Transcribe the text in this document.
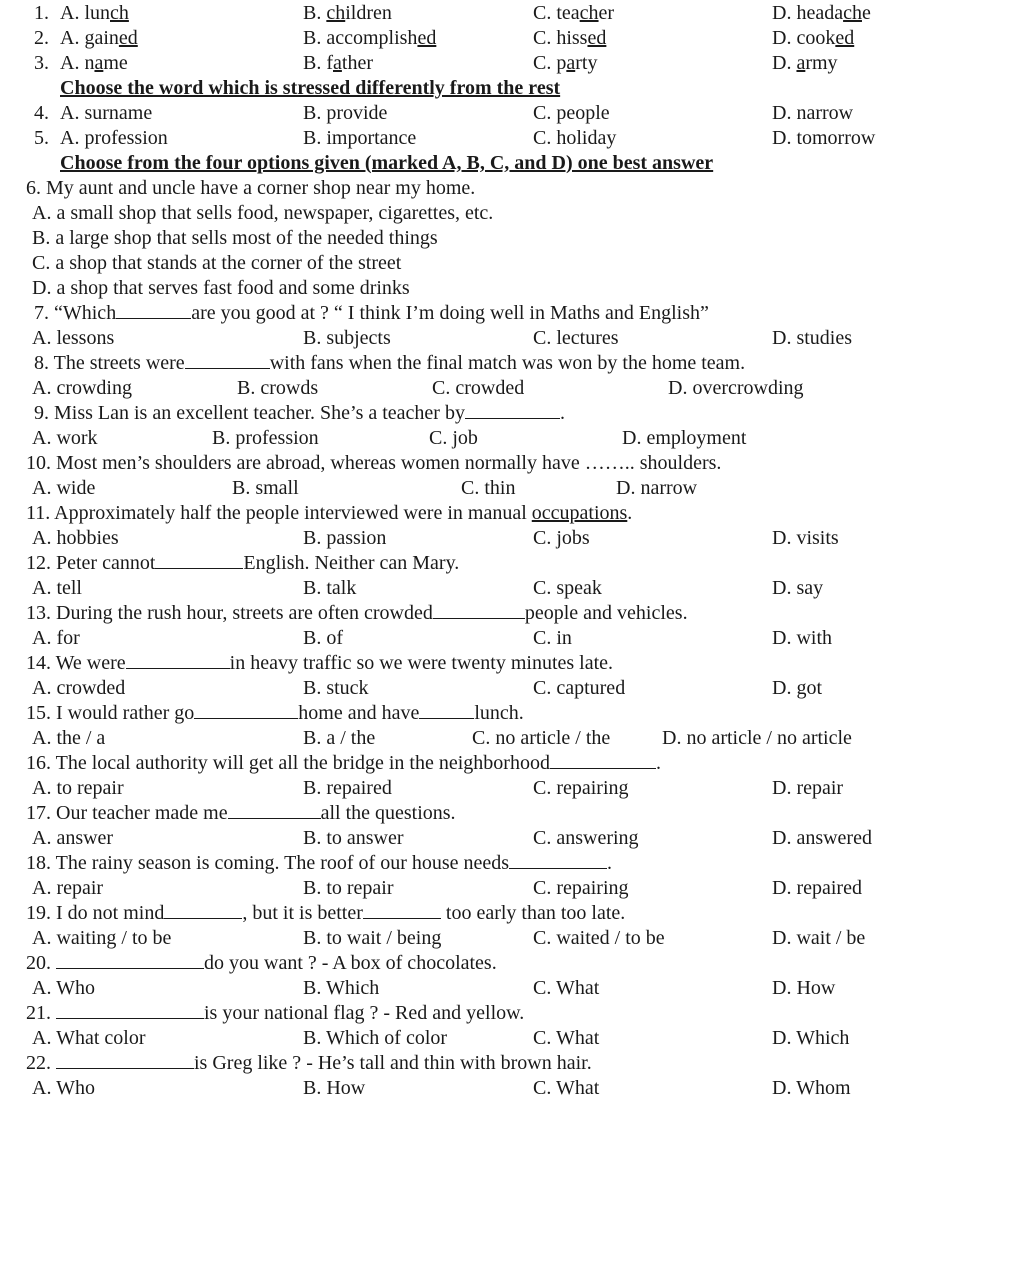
1. A. lunch	B. children	C. teacher	D. headache
2. A. gained	B. accomplished	C. hissed	D. cooked
3. A. name	B. father	C. party	D. army
Choose the word which is stressed differently from the rest
4. A. surname	B. provide	C. people	D. narrow
5. A. profession	B. importance	C. holiday	D. tomorrow
Choose from the four options given (marked A, B, C, and D) one best answer
6. My aunt and uncle have a corner shop near my home.
A. a small shop that sells food, newspaper, cigarettes, etc.
B. a large shop that sells most of the needed things
C. a shop that stands at the corner of the street
D. a shop that serves fast food and some drinks
7. “Which	are you good at ? “ I think I’m doing well in Maths and English”
A. lessons	B. subjects	C. lectures	D. studies
8. The streets were	with fans when the final match was won by the home team.
A. crowding	B. crowds	C. crowded	D. overcrowding
9. Miss Lan is an excellent teacher. She’s a teacher by	.
A. work	B. profession	C. job	D. employment
10. Most men’s shoulders are abroad, whereas women normally have …….. shoulders.
A. wide	B. small	C. thin	D. narrow
11. Approximately half the people interviewed were in manual occupations.
A. hobbies	B. passion	C. jobs	D. visits
12. Peter cannot	English. Neither can Mary.
A. tell	B. talk	C. speak	D. say
13. During the rush hour, streets are often crowded	people and vehicles.
A. for	B. of	C. in	D. with
14. We were	in heavy traffic so we were twenty minutes late.
A. crowded	B. stuck	C. captured	D. got
15. I would rather go	home and have	lunch.
A. the / a	B. a / the	C. no article / the	D. no article / no article
16. The local authority will get all the bridge in the neighborhood	.
A. to repair	B. repaired	C. repairing	D. repair
17. Our teacher made me	all the questions.
A. answer	B. to answer	C. answering	D. answered
18. The rainy season is coming. The roof of our house needs	.
A. repair	B. to repair	C. repairing	D. repaired
19. I do not mind	, but it is better	too early than too late.
A. waiting / to be	B. to wait / being	C. waited / to be	D. wait / be
20.	do you want ? - A box of chocolates.
A. Who	B. Which	C. What	D. How
21.	is your national flag ? - Red and yellow.
A. What color	B. Which of color	C. What	D. Which
22.	is Greg like ? - He’s tall and thin with brown hair.
A. Who	B. How	C. What	D. Whom
